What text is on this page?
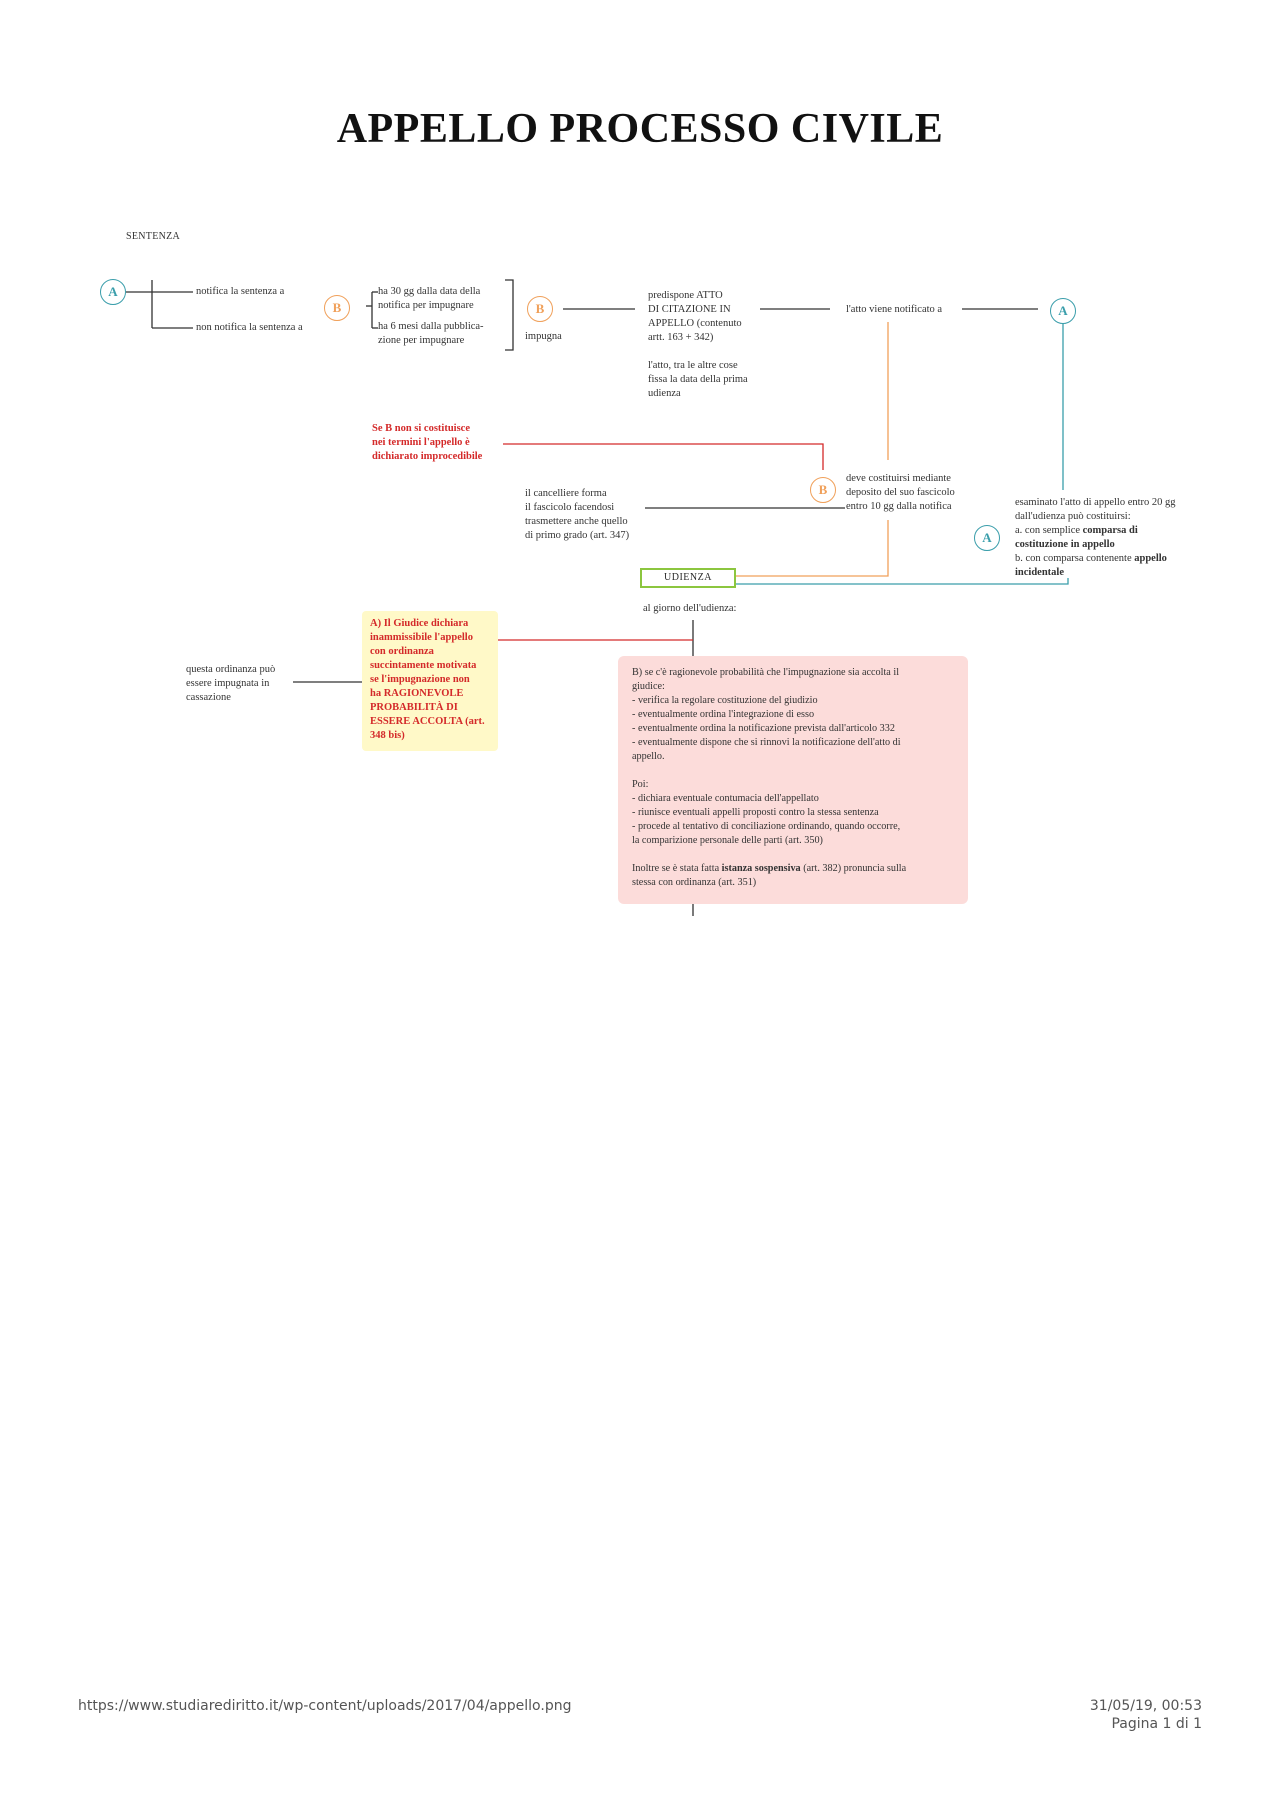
APPELLO PROCESSO CIVILE
SENTENZA
A	notifica la sentenza a
non notifica la sentenza a
B
ha 30 gg dalla data della
notifica per impugnare
ha 6 mesi dalla pubblica-
zione per impugnare
B
impugna
predispone ATTO
DI CITAZIONE IN
APPELLO (contenuto
artt. 163 + 342)
l'atto, tra le altre cose
fissa la data della prima
udienza
l'atto viene notificato a	A
Se B non si costituisce
nei termini l'appello è
dichiarato improcedibile
B
deve costituirsi mediante
deposito del suo fascicolo
entro 10 gg dalla notifica
il cancelliere forma
il fascicolo facendosi
trasmettere anche quello
di primo grado (art. 347)	A
esaminato l'atto di appello entro 20 gg
dall'udienza può costituirsi:
a. con semplice comparsa di
costituzione in appello
b. con comparsa contenente appello
incidentale
UDIENZA
al giorno dell'udienza:
questa ordinanza può
essere impugnata in
cassazione
A) Il Giudice dichiara
inammissibile l'appello
con ordinanza
succintamente motivata
se l'impugnazione non
ha RAGIONEVOLE
PROBABILITÀ DI
ESSERE ACCOLTA (art.
348 bis)

B) se c'è ragionevole probabilità che l'impugnazione sia accolta il
giudice:
- verifica la regolare costituzione del giudizio
- eventualmente ordina l'integrazione di esso
- eventualmente ordina la notificazione prevista dall'articolo 332
- eventualmente dispone che si rinnovi la notificazione dell'atto di
appello.

Poi:
- dichiara eventuale contumacia dell'appellato
- riunisce eventuali appelli proposti contro la stessa sentenza
- procede al tentativo di conciliazione ordinando, quando occorre,
la comparizione personale delle parti (art. 350)

Inoltre se è stata fatta istanza sospensiva (art. 382) pronuncia sulla
stessa con ordinanza (art. 351)

https://www.studiarediritto.it/wp-content/uploads/2017/04/appello.png	31/05/19, 00:53
Pagina 1 di 1
